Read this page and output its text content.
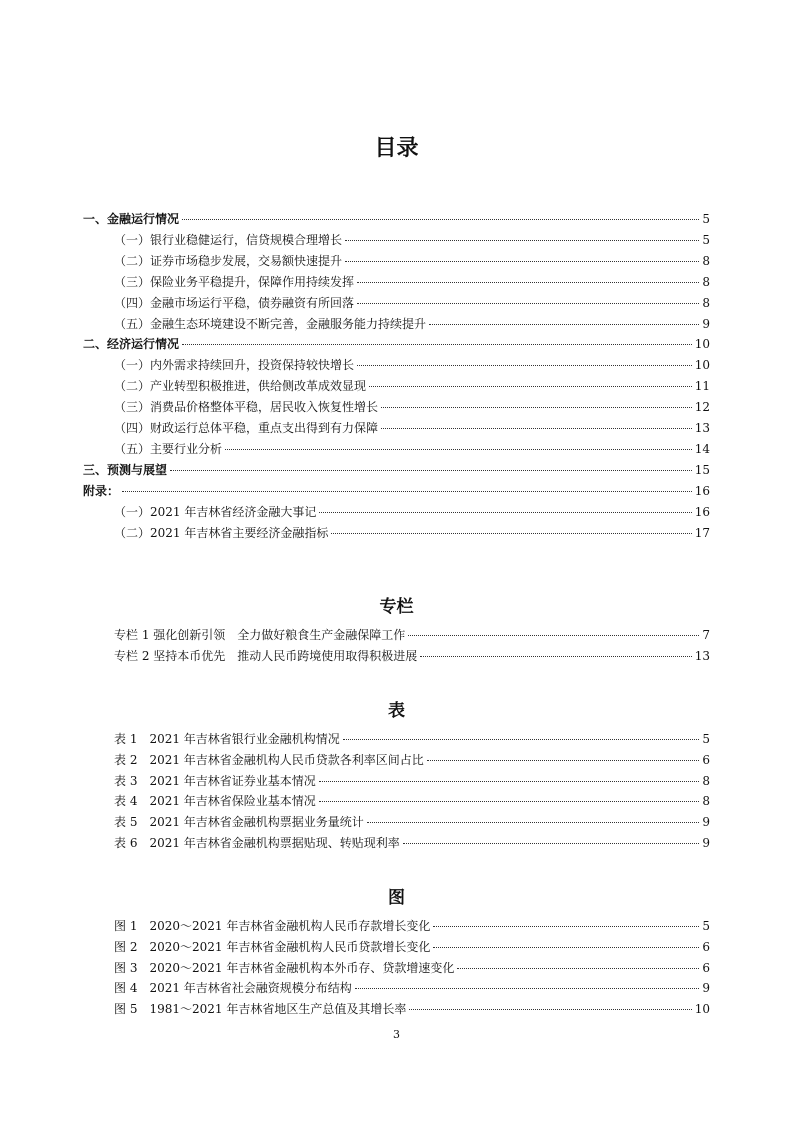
目录
专栏
表
图
一、金融运行情况	5
（一）银行业稳健运行，信贷规模合理增长	5
（二）证券市场稳步发展，交易额快速提升	8
（三）保险业务平稳提升，保障作用持续发挥	8
（四）金融市场运行平稳，债券融资有所回落	8
（五）金融生态环境建设不断完善，金融服务能力持续提升	9
二、经济运行情况	10
（一）内外需求持续回升，投资保持较快增长	10
（二）产业转型积极推进，供给侧改革成效显现	11
（三）消费品价格整体平稳，居民收入恢复性增长	12
（四）财政运行总体平稳，重点支出得到有力保障	13
（五）主要行业分析	14
三、预测与展望	15
附录：	16
（一）2021 年吉林省经济金融大事记	16
（二）2021 年吉林省主要经济金融指标	17
专栏 1 强化创新引领　全力做好粮食生产金融保障工作	7
专栏 2 坚持本币优先　推动人民币跨境使用取得积极进展	13
表 1　2021 年吉林省银行业金融机构情况	5
表 2　2021 年吉林省金融机构人民币贷款各利率区间占比	6
表 3　2021 年吉林省证券业基本情况	8
表 4　2021 年吉林省保险业基本情况	8
表 5　2021 年吉林省金融机构票据业务量统计	9
表 6　2021 年吉林省金融机构票据贴现、转贴现利率	9
图 1　2020～2021 年吉林省金融机构人民币存款增长变化	5
图 2　2020～2021 年吉林省金融机构人民币贷款增长变化	6
图 3　2020～2021 年吉林省金融机构本外币存、贷款增速变化	6
图 4　2021 年吉林省社会融资规模分布结构	9
图 5　1981～2021 年吉林省地区生产总值及其增长率	10
3
